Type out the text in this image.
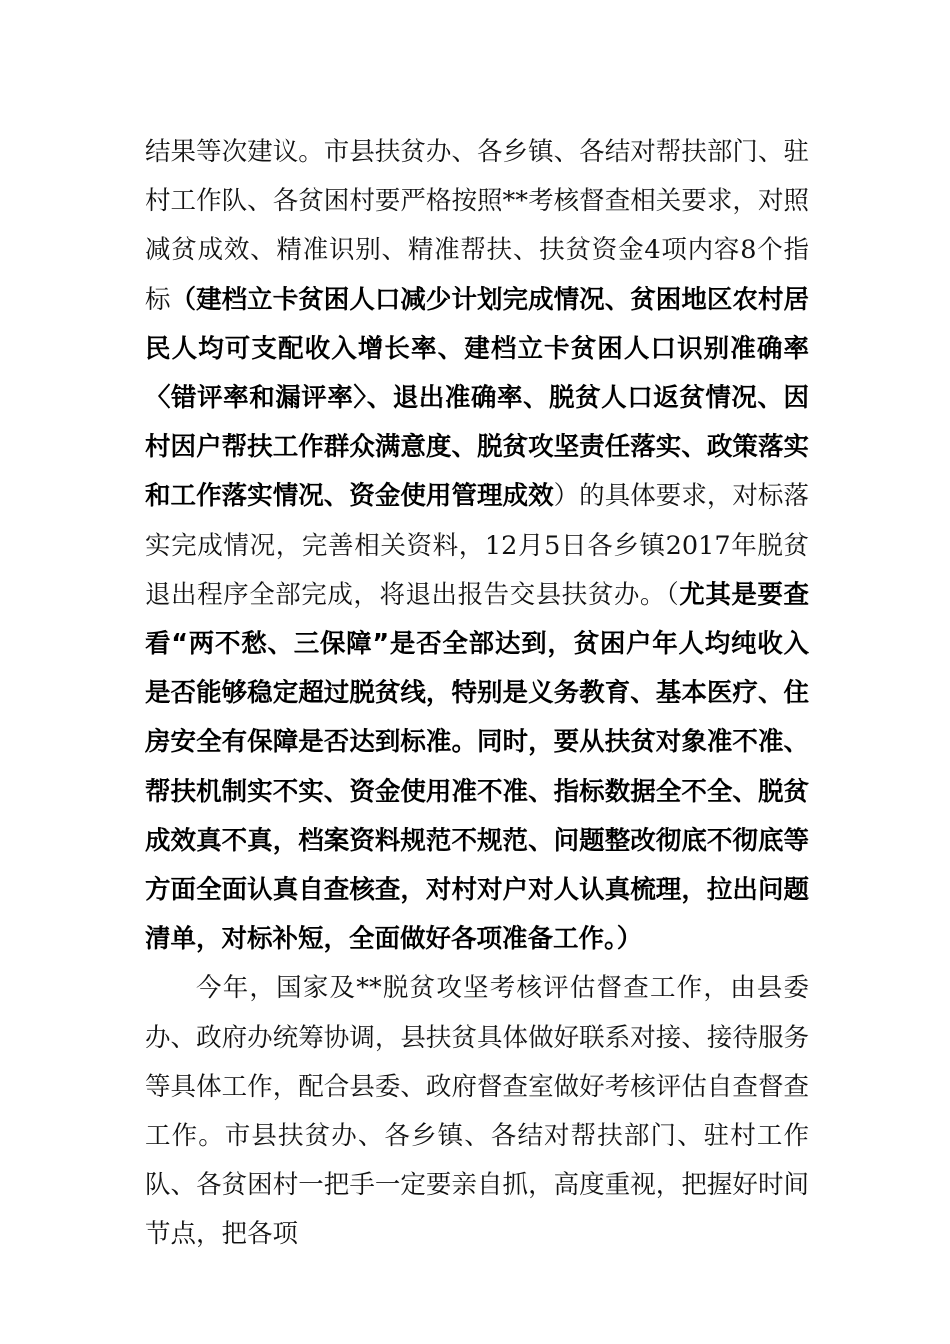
结果等次建议。市县扶贫办、各乡镇、各结对帮扶部门、驻村工作队、各贫困村要严格按照**考核督查相关要求，对照减贫成效、精准识别、精准帮扶、扶贫资金4项内容8个指标（建档立卡贫困人口减少计划完成情况、贫困地区农村居民人均可支配收入增长率、建档立卡贫困人口识别准确率〈错评率和漏评率〉、退出准确率、脱贫人口返贫情况、因村因户帮扶工作群众满意度、脱贫攻坚责任落实、政策落实和工作落实情况、资金使用管理成效）的具体要求，对标落实完成情况，完善相关资料，12月5日各乡镇2017年脱贫退出程序全部完成，将退出报告交县扶贫办。（尤其是要查看“两不愁、三保障”是否全部达到，贫困户年人均纯收入是否能够稳定超过脱贫线，特别是义务教育、基本医疗、住房安全有保障是否达到标准。同时，要从扶贫对象准不准、帮扶机制实不实、资金使用准不准、指标数据全不全、脱贫成效真不真，档案资料规范不规范、问题整改彻底不彻底等方面全面认真自查核查，对村对户对人认真梳理，拉出问题清单，对标补短，全面做好各项准备工作。）

今年，国家及**脱贫攻坚考核评估督查工作，由县委办、政府办统筹协调，县扶贫具体做好联系对接、接待服务等具体工作，配合县委、政府督查室做好考核评估自查督查工作。市县扶贫办、各乡镇、各结对帮扶部门、驻村工作队、各贫困村一把手一定要亲自抓，高度重视，把握好时间节点，把各项
